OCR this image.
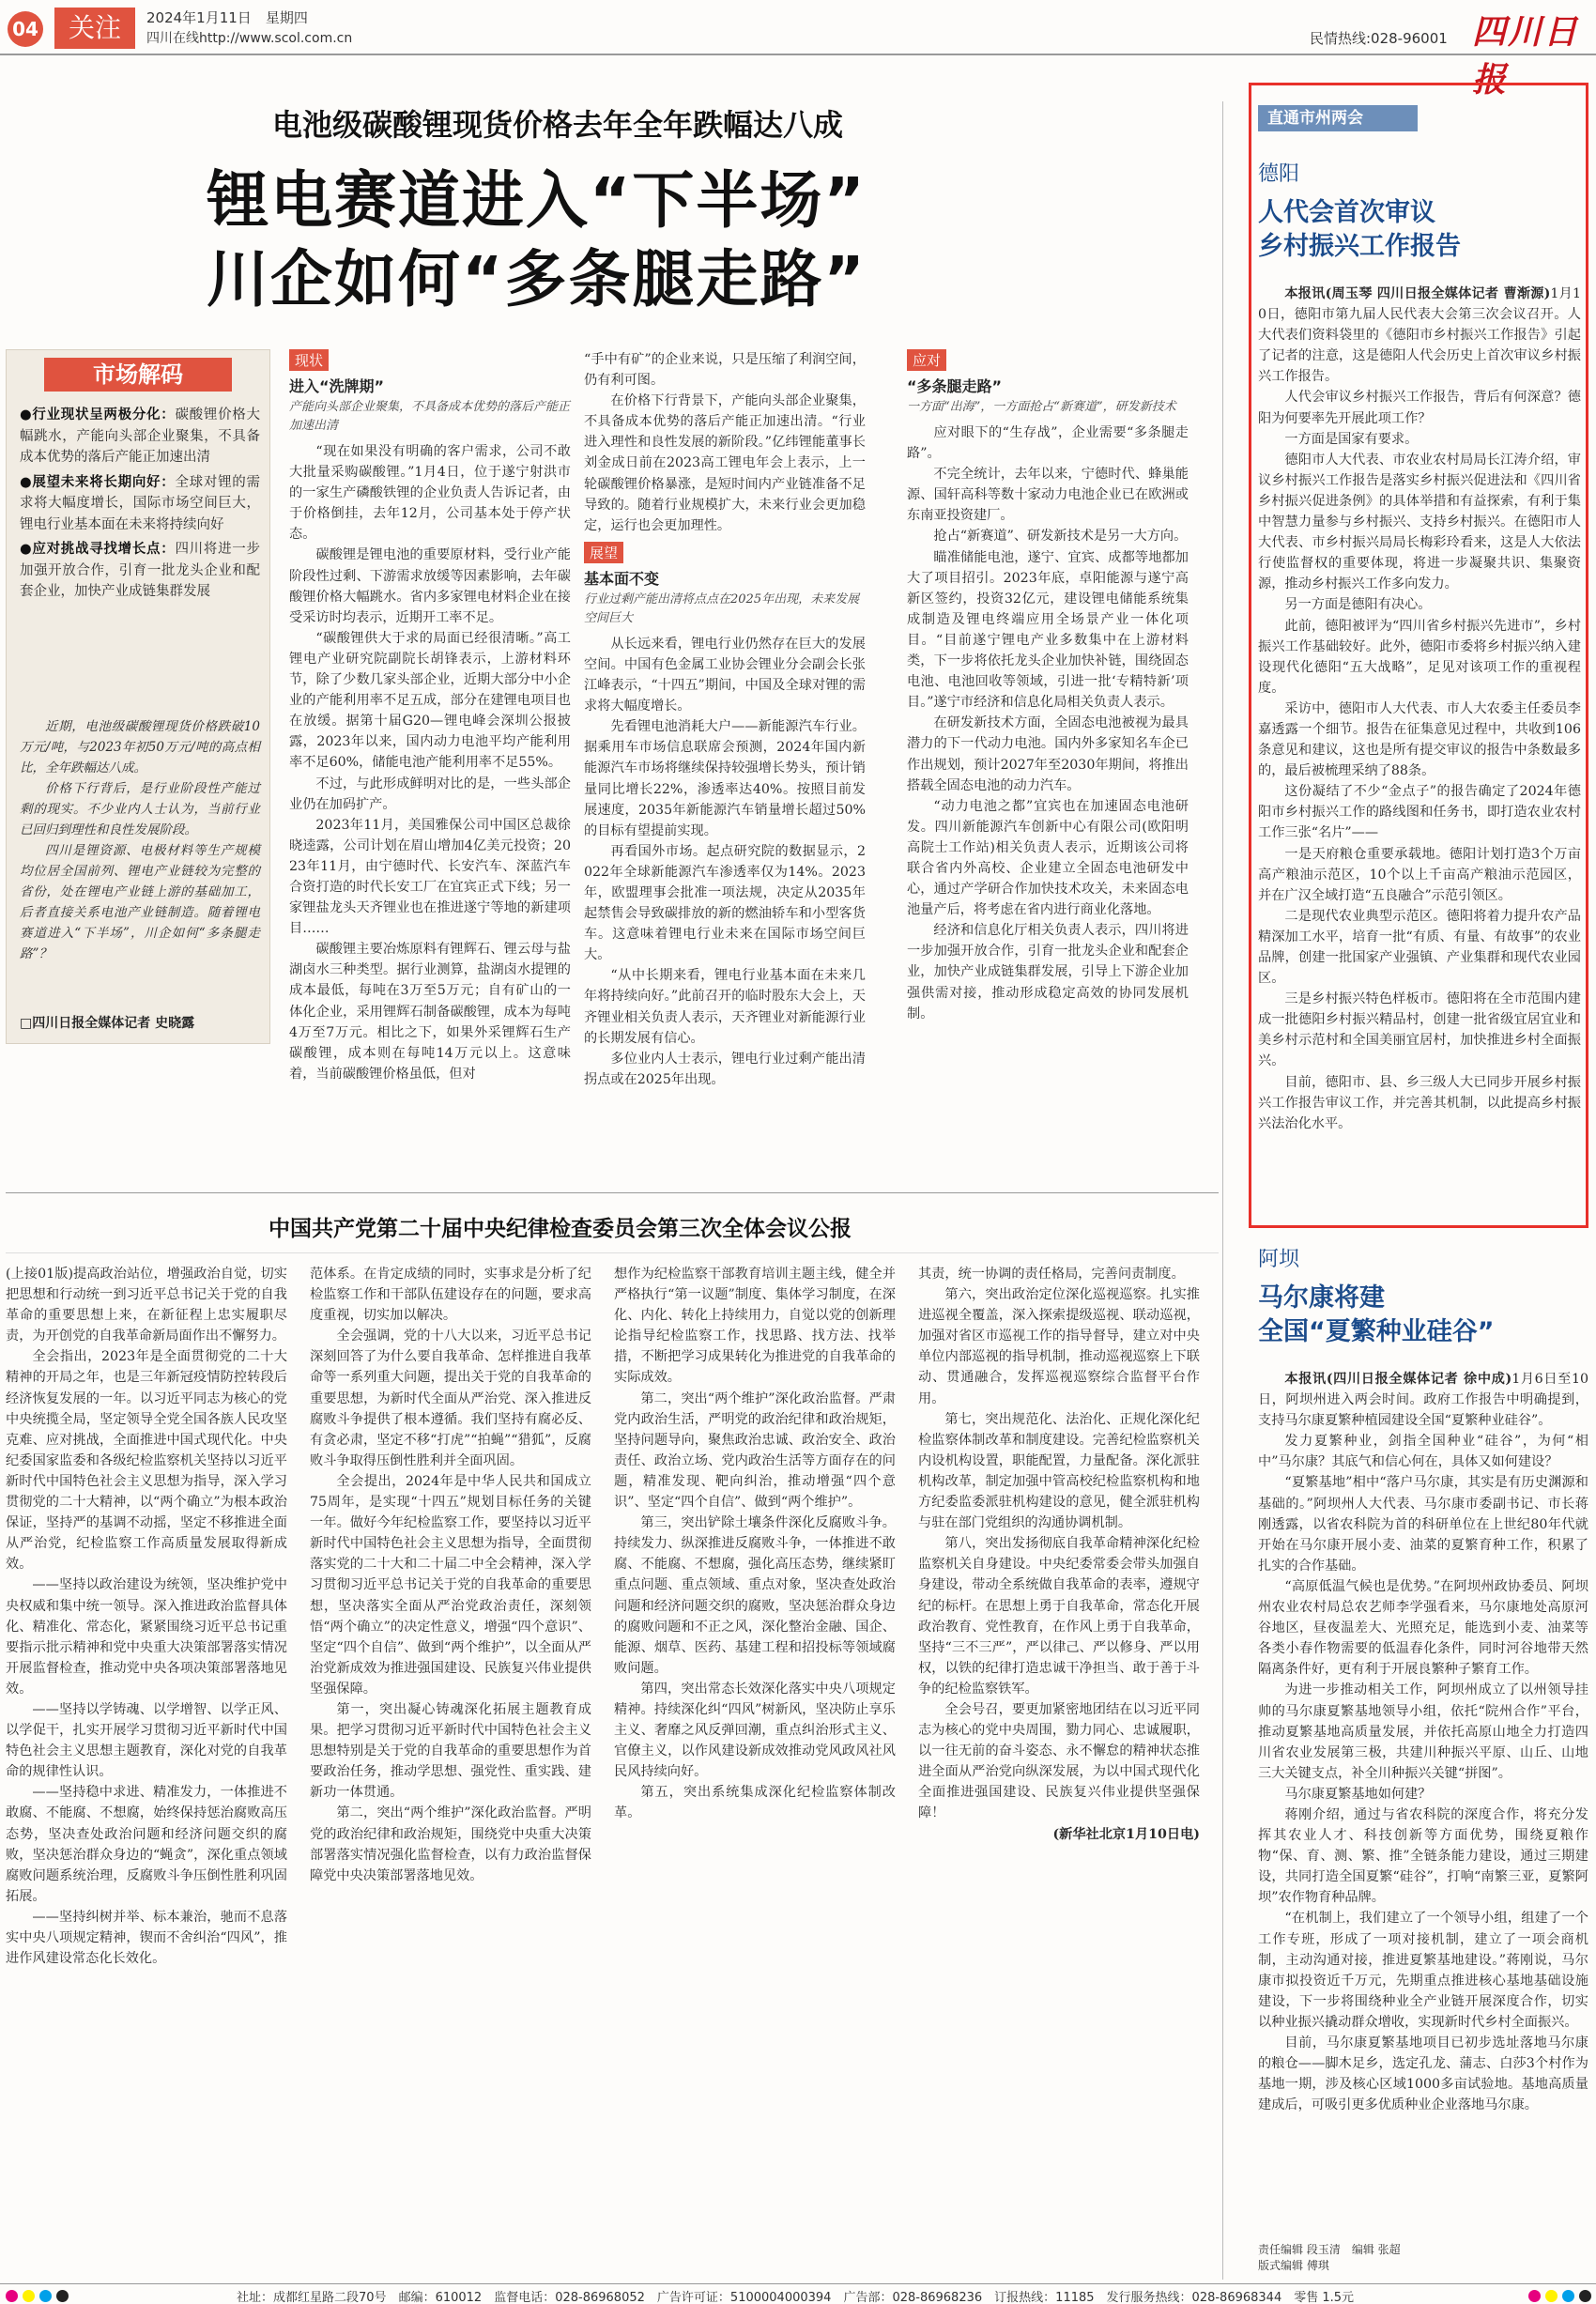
04	关注	2024年1月11日　 星期四
四川在线http://www.scol.com.cn	民情热线:028-96001 四川日报
电池级碳酸锂现货价格去年全年跌幅达八成
锂电赛道进入“下半场”
川企如何“多条腿走路”
市场解码

●行业现状呈两极分化：碳酸锂价格大幅跳水，产能向头部企业聚集，不具备成本优势的落后产能正加速出清

●展望未来将长期向好：全球对锂的需求将大幅度增长，国际市场空间巨大，锂电行业基本面在未来将持续向好

●应对挑战寻找增长点：四川将进一步加强开放合作，引育一批龙头企业和配套企业，加快产业成链集群发展

近期，电池级碳酸锂现货价格跌破10万元/吨，与2023年初50万元/吨的高点相比，全年跌幅达八成。

价格下行背后，是行业阶段性产能过剩的现实。不少业内人士认为，当前行业已回归到理性和良性发展阶段。

四川是锂资源、电极材料等生产规模均位居全国前列、锂电产业链较为完整的省份，处在锂电产业链上游的基础加工，后者直接关系电池产业链制造。随着锂电赛道进入“下半场”，川企如何“多条腿走路”？

□四川日报全媒体记者 史晓露
现状
进入“洗牌期”
产能向头部企业聚集，不具备成本优势的落后产能正加速出清

“现在如果没有明确的客户需求，公司不敢大批量采购碳酸锂。”1月4日，位于遂宁射洪市的一家生产磷酸铁锂的企业负责人告诉记者，由于价格倒挂，去年12月，公司基本处于停产状态。

碳酸锂是锂电池的重要原材料，受行业产能阶段性过剩、下游需求放缓等因素影响，去年碳酸锂价格大幅跳水。省内多家锂电材料企业在接受采访时均表示，近期开工率不足。

“碳酸锂供大于求的局面已经很清晰。”高工锂电产业研究院副院长胡锋表示，上游材料环节，除了少数几家头部企业，近期大部分中小企业的产能利用率不足五成，部分在建锂电项目也在放缓。据第十届G20—锂电峰会深圳公报披露，2023年以来，国内动力电池平均产能利用率不足60%，储能电池产能利用率不足55%。

不过，与此形成鲜明对比的是，一些头部企业仍在加码扩产。

2023年11月，美国雅保公司中国区总裁徐晓逵露，公司计划在眉山增加4亿美元投资；2023年11月，由宁德时代、长安汽车、深蓝汽车合资打造的时代长安工厂在宜宾正式下线；另一家锂盐龙头天齐锂业也在推进遂宁等地的新建项目……

碳酸锂主要冶炼原料有锂辉石、锂云母与盐湖卤水三种类型。据行业测算，盐湖卤水提锂的成本最低，每吨在3万至5万元；自有矿山的一体化企业，采用锂辉石制备碳酸锂，成本为每吨4万至7万元。相比之下，如果外采锂辉石生产碳酸锂，成本则在每吨14万元以上。这意味着，当前碳酸锂价格虽低，但对

“手中有矿”的企业来说，只是压缩了利润空间，仍有利可图。

在价格下行背景下，产能向头部企业聚集，不具备成本优势的落后产能正加速出清。“行业进入理性和良性发展的新阶段。”亿纬锂能董事长刘金成日前在2023高工锂电年会上表示，上一轮碳酸锂价格暴涨，是短时间内产业链准备不足导致的。随着行业规模扩大，未来行业会更加稳定，运行也会更加理性。

展望
基本面不变
行业过剩产能出清将点点在2025年出现，未来发展空间巨大

从长远来看，锂电行业仍然存在巨大的发展空间。中国有色金属工业协会锂业分会副会长张江峰表示，“十四五”期间，中国及全球对锂的需求将大幅度增长。

先看锂电池消耗大户——新能源汽车行业。据乘用车市场信息联席会预测，2024年国内新能源汽车市场将继续保持较强增长势头，预计销量同比增长22%，渗透率达40%。按照目前发展速度，2035年新能源汽车销量增长超过50%的目标有望提前实现。

再看国外市场。起点研究院的数据显示，2022年全球新能源汽车渗透率仅为14%。2023年，欧盟理事会批准一项法规，决定从2035年起禁售会导致碳排放的新的燃油轿车和小型客货车。这意味着锂电行业未来在国际市场空间巨大。

“从中长期来看，锂电行业基本面在未来几年将持续向好。”此前召开的临时股东大会上，天齐锂业相关负责人表示，天齐锂业对新能源行业的长期发展有信心。

多位业内人士表示，锂电行业过剩产能出清拐点或在2025年出现。

应对
“多条腿走路”
一方面“出海”，一方面抢占“新赛道”，研发新技术

应对眼下的“生存战”，企业需要“多条腿走路”。

不完全统计，去年以来，宁德时代、蜂巢能源、国轩高科等数十家动力电池企业已在欧洲或东南亚投资建厂。

抢占“新赛道”、研发新技术是另一大方向。

瞄准储能电池，遂宁、宜宾、成都等地都加大了项目招引。2023年底，卓阳能源与遂宁高新区签约，投资32亿元，建设锂电储能系统集成制造及锂电终端应用全场景产业一体化项目。“目前遂宁锂电产业多数集中在上游材料类，下一步将依托龙头企业加快补链，围绕固态电池、电池回收等领域，引进一批‘专精特新’项目。”遂宁市经济和信息化局相关负责人表示。

在研发新技术方面，全固态电池被视为最具潜力的下一代动力电池。国内外多家知名车企已作出规划，预计2027年至2030年期间，将推出搭载全固态电池的动力汽车。

“动力电池之都”宜宾也在加速固态电池研发。四川新能源汽车创新中心有限公司(欧阳明高院士工作站)相关负责人表示，近期该公司将联合省内外高校、企业建立全固态电池研发中心，通过产学研合作加快技术攻关，未来固态电池量产后，将考虑在省内进行商业化落地。

经济和信息化厅相关负责人表示，四川将进一步加强开放合作，引育一批龙头企业和配套企业，加快产业成链集群发展，引导上下游企业加强供需对接，推动形成稳定高效的协同发展机制。

直通市州两会
德阳
人代会首次审议
乡村振兴工作报告

本报讯(周玉琴 四川日报全媒体记者 曹渐源)1月10日，德阳市第九届人民代表大会第三次会议召开。人大代表们资料袋里的《德阳市乡村振兴工作报告》引起了记者的注意，这是德阳人代会历史上首次审议乡村振兴工作报告。

人代会审议乡村振兴工作报告，背后有何深意？德阳为何要率先开展此项工作？

一方面是国家有要求。

德阳市人大代表、市农业农村局局长江涛介绍，审议乡村振兴工作报告是落实乡村振兴促进法和《四川省乡村振兴促进条例》的具体举措和有益探索，有利于集中智慧力量参与乡村振兴、支持乡村振兴。在德阳市人大代表、市乡村振兴局局长梅彩玲看来，这是人大依法行使监督权的重要体现，将进一步凝聚共识、集聚资源，推动乡村振兴工作多向发力。

另一方面是德阳有决心。

此前，德阳被评为“四川省乡村振兴先进市”，乡村振兴工作基础较好。此外，德阳市委将乡村振兴纳入建设现代化德阳“五大战略”，足见对该项工作的重视程度。

采访中，德阳市人大代表、市人大农委主任委员李嘉透露一个细节。报告在征集意见过程中，共收到106条意见和建议，这也是所有提交审议的报告中条数最多的，最后被梳理采纳了88条。

这份凝结了不少“金点子”的报告确定了2024年德阳市乡村振兴工作的路线图和任务书，即打造农业农村工作三张“名片”——

一是天府粮仓重要承载地。德阳计划打造3个万亩高产粮油示范区，10个以上千亩高产粮油示范园区，并在广汉全域打造“五良融合”示范引领区。

二是现代农业典型示范区。德阳将着力提升农产品精深加工水平，培育一批“有质、有量、有故事”的农业品牌，创建一批国家产业强镇、产业集群和现代农业园区。

三是乡村振兴特色样板市。德阳将在全市范围内建成一批德阳乡村振兴精品村，创建一批省级宜居宜业和美乡村示范村和全国美丽宜居村，加快推进乡村全面振兴。

目前，德阳市、县、乡三级人大已同步开展乡村振兴工作报告审议工作，并完善其机制，以此提高乡村振兴法治化水平。

阿坝
马尔康将建
全国“夏繁种业硅谷”

本报讯(四川日报全媒体记者 徐中成)1月6日至10日，阿坝州进入两会时间。政府工作报告中明确提到，支持马尔康夏繁种植园建设全国“夏繁种业硅谷”。

发力夏繁种业，剑指全国种业“硅谷”，为何“相中”马尔康？其底气和信心何在，具体又如何建设？

“夏繁基地”相中“落户马尔康，其实是有历史渊源和基础的。”阿坝州人大代表、马尔康市委副书记、市长蒋刚透露，以省农科院为首的科研单位在上世纪80年代就开始在马尔康开展小麦、油菜的夏繁育种工作，积累了扎实的合作基础。

“高原低温气候也是优势。”在阿坝州政协委员、阿坝州农业农村局总农艺师李学强看来，马尔康地处高原河谷地区，昼夜温差大、光照充足，能选到小麦、油菜等各类小春作物需要的低温春化条件，同时河谷地带天然隔离条件好，更有利于开展良繁种子繁育工作。

为进一步推动相关工作，阿坝州成立了以州领导挂帅的马尔康夏繁基地领导小组，依托“院州合作”平台，推动夏繁基地高质量发展，并依托高原山地全力打造四川省农业发展第三极，共建川种振兴平原、山丘、山地三大关键支点，补全川种振兴关键“拼图”。

马尔康夏繁基地如何建？

蒋刚介绍，通过与省农科院的深度合作，将充分发挥其农业人才、科技创新等方面优势，围绕夏粮作物“保、育、测、繁、推”全链条能力建设，通过三期建设，共同打造全国夏繁“硅谷”，打响“南繁三亚，夏繁阿坝”农作物育种品牌。

“在机制上，我们建立了一个领导小组，组建了一个工作专班，形成了一项对接机制，建立了一项会商机制，主动沟通对接，推进夏繁基地建设。”蒋刚说，马尔康市拟投资近千万元，先期重点推进核心基地基础设施建设，下一步将围绕种业全产业链开展深度合作，切实以种业振兴撬动群众增收，实现新时代乡村全面振兴。

目前，马尔康夏繁基地项目已初步选址落地马尔康的粮仓——脚木足乡，选定孔龙、蒲志、白莎3个村作为基地一期，涉及核心区域1000多亩试验地。基地高质量建成后，可吸引更多优质种业企业落地马尔康。

责任编辑 段玉清　编辑 张超
版式编辑 傅琪
中国共产党第二十届中央纪律检查委员会第三次全体会议公报

(上接01版)提高政治站位，增强政治自觉，切实把思想和行动统一到习近平总书记关于党的自我革命的重要思想上来，在新征程上忠实履职尽责，为开创党的自我革命新局面作出不懈努力。

全会指出，2023年是全面贯彻党的二十大精神的开局之年，也是三年新冠疫情防控转段后经济恢复发展的一年。以习近平同志为核心的党中央统揽全局，坚定领导全党全国各族人民攻坚克难、应对挑战，全面推进中国式现代化。中央纪委国家监委和各级纪检监察机关坚持以习近平新时代中国特色社会主义思想为指导，深入学习贯彻党的二十大精神，以“两个确立”为根本政治保证，坚持严的基调不动摇，坚定不移推进全面从严治党，纪检监察工作高质量发展取得新成效。

——坚持以政治建设为统领，坚决维护党中央权威和集中统一领导。深入推进政治监督具体化、精准化、常态化，紧紧围绕习近平总书记重要指示批示精神和党中央重大决策部署落实情况开展监督检查，推动党中央各项决策部署落地见效。

——坚持以学铸魂、以学增智、以学正风、以学促干，扎实开展学习贯彻习近平新时代中国特色社会主义思想主题教育，深化对党的自我革命的规律性认识。

——坚持稳中求进、精准发力，一体推进不敢腐、不能腐、不想腐，始终保持惩治腐败高压态势，坚决查处政治问题和经济问题交织的腐败，坚决惩治群众身边的“蝇贪”，深化重点领域腐败问题系统治理，反腐败斗争压倒性胜利巩固拓展。

——坚持纠树并举、标本兼治，驰而不息落实中央八项规定精神，锲而不舍纠治“四风”，推进作风建设常态化长效化。

范体系。在肯定成绩的同时，实事求是分析了纪检监察工作和干部队伍建设存在的问题，要求高度重视，切实加以解决。

全会强调，党的十八大以来，习近平总书记深刻回答了为什么要自我革命、怎样推进自我革命等一系列重大问题，提出关于党的自我革命的重要思想，为新时代全面从严治党、深入推进反腐败斗争提供了根本遵循。我们坚持有腐必反、有贪必肃，坚定不移“打虎”“拍蝇”“猎狐”，反腐败斗争取得压倒性胜利并全面巩固。

全会提出，2024年是中华人民共和国成立75周年，是实现“十四五”规划目标任务的关键一年。做好今年纪检监察工作，要坚持以习近平新时代中国特色社会主义思想为指导，全面贯彻落实党的二十大和二十届二中全会精神，深入学习贯彻习近平总书记关于党的自我革命的重要思想，坚决落实全面从严治党政治责任，深刻领悟“两个确立”的决定性意义，增强“四个意识”、坚定“四个自信”、做到“两个维护”，以全面从严治党新成效为推进强国建设、民族复兴伟业提供坚强保障。

第一，突出凝心铸魂深化拓展主题教育成果。把学习贯彻习近平新时代中国特色社会主义思想特别是关于党的自我革命的重要思想作为首要政治任务，推动学思想、强党性、重实践、建新功一体贯通。

第二，突出“两个维护”深化政治监督。严明党的政治纪律和政治规矩，围绕党中央重大决策部署落实情况强化监督检查，以有力政治监督保障党中央决策部署落地见效。

想作为纪检监察干部教育培训主题主线，健全并严格执行“第一议题”制度、集体学习制度，在深化、内化、转化上持续用力，自觉以党的创新理论指导纪检监察工作，找思路、找方法、找举措，不断把学习成果转化为推进党的自我革命的实际成效。

第二，突出“两个维护”深化政治监督。严肃党内政治生活，严明党的政治纪律和政治规矩，坚持问题导向，聚焦政治忠诚、政治安全、政治责任、政治立场、党内政治生活等方面存在的问题，精准发现、靶向纠治，推动增强“四个意识”、坚定“四个自信”、做到“两个维护”。

第三，突出铲除土壤条件深化反腐败斗争。持续发力、纵深推进反腐败斗争，一体推进不敢腐、不能腐、不想腐，强化高压态势，继续紧盯重点问题、重点领域、重点对象，坚决查处政治问题和经济问题交织的腐败，坚决惩治群众身边的腐败问题和不正之风，深化整治金融、国企、能源、烟草、医药、基建工程和招投标等领域腐败问题。

第四，突出常态长效深化落实中央八项规定精神。持续深化纠“四风”树新风，坚决防止享乐主义、奢靡之风反弹回潮，重点纠治形式主义、官僚主义，以作风建设新成效推动党风政风社风民风持续向好。

第五，突出系统集成深化纪检监察体制改革。

其责，统一协调的责任格局，完善问责制度。

第六，突出政治定位深化巡视巡察。扎实推进巡视全覆盖，深入探索提级巡视、联动巡视，加强对省区市巡视工作的指导督导，建立对中央单位内部巡视的指导机制，推动巡视巡察上下联动、贯通融合，发挥巡视巡察综合监督平台作用。

第七，突出规范化、法治化、正规化深化纪检监察体制改革和制度建设。完善纪检监察机关内设机构设置，职能配置，力量配备。深化派驻机构改革，制定加强中管高校纪检监察机构和地方纪委监委派驻机构建设的意见，健全派驻机构与驻在部门党组织的沟通协调机制。

第八，突出发扬彻底自我革命精神深化纪检监察机关自身建设。中央纪委常委会带头加强自身建设，带动全系统做自我革命的表率，遵规守纪的标杆。在思想上勇于自我革命，常态化开展政治教育、党性教育，在作风上勇于自我革命，坚持“三不三严”，严以律己、严以修身、严以用权，以铁的纪律打造忠诚干净担当、敢于善于斗争的纪检监察铁军。

全会号召，要更加紧密地团结在以习近平同志为核心的党中央周围，勠力同心、忠诚履职，以一往无前的奋斗姿态、永不懈怠的精神状态推进全面从严治党向纵深发展，为以中国式现代化全面推进强国建设、民族复兴伟业提供坚强保障！

(新华社北京1月10日电)

社址：成都红星路二段70号　 邮编：610012　 监督电话：028-86968052　 广告许可证：5100004000394　 广告部：028-86968236　 订报热线：11185　 发行服务热线：028-86968344　 零售 1.5元
